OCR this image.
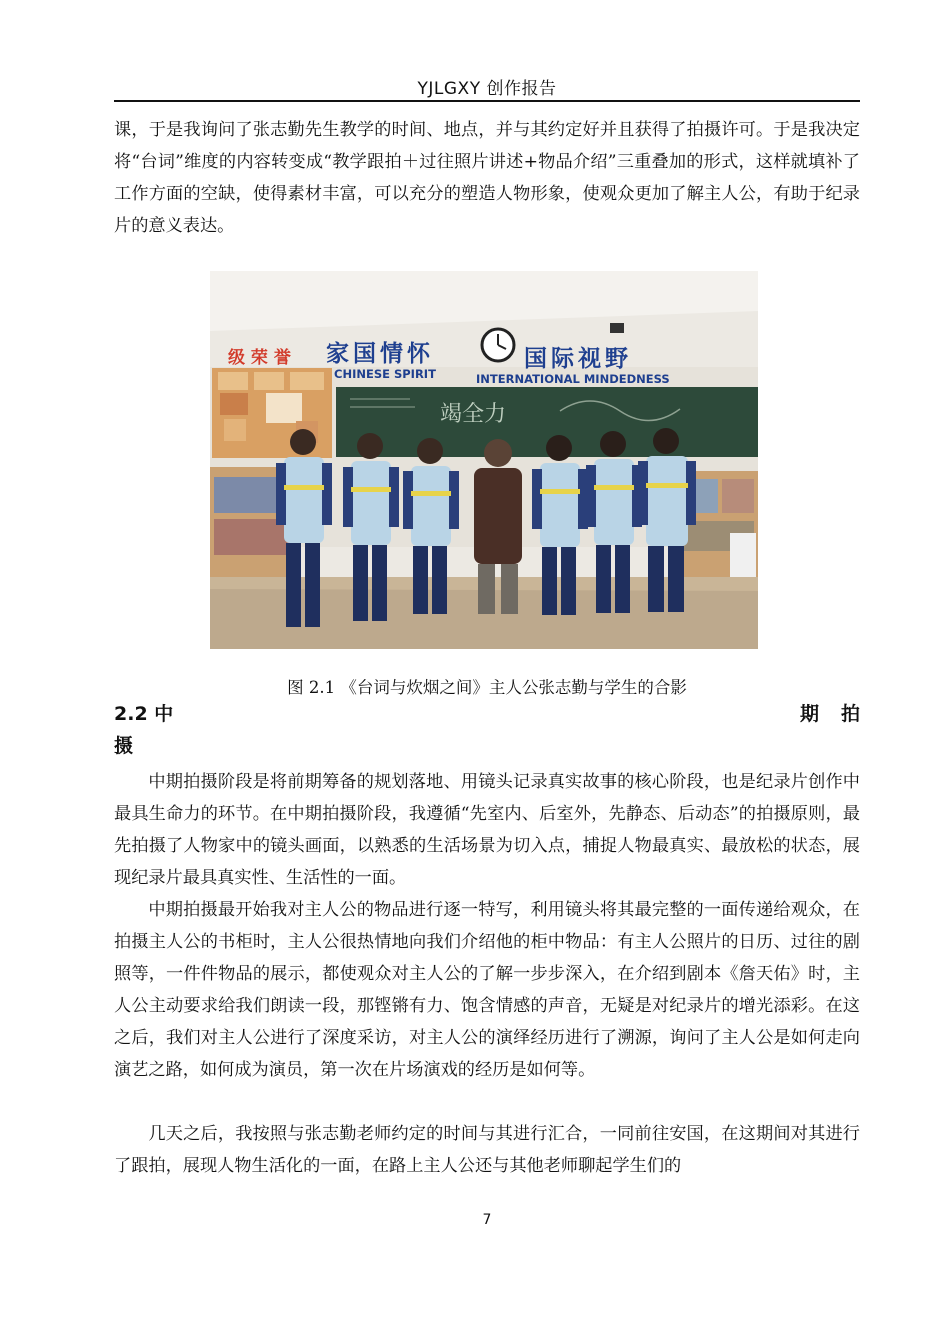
YJLGXY 创作报告

课，于是我询问了张志勤先生教学的时间、地点，并与其约定好并且获得了拍摄许可。于是我决定将“台词”维度的内容转变成“教学跟拍＋过往照片讲述+物品介绍”三重叠加的形式，这样就填补了工作方面的空缺，使得素材丰富，可以充分的塑造人物形象，使观众更加了解主人公，有助于纪录片的意义表达。

级 荣 誉 家国情怀	国际视野
CHINESE SPIRIT	INTERNATIONAL MINDEDNESS
竭全力
图 2.1 《台词与炊烟之间》主人公张志勤与学生的合影
2.2 中	期 拍
摄

中期拍摄阶段是将前期筹备的规划落地、用镜头记录真实故事的核心阶段，也是纪录片创作中最具生命力的环节。在中期拍摄阶段，我遵循“先室内、后室外，先静态、后动态”的拍摄原则，最先拍摄了人物家中的镜头画面，以熟悉的生活场景为切入点，捕捉人物最真实、最放松的状态，展现纪录片最具真实性、生活性的一面。

中期拍摄最开始我对主人公的物品进行逐一特写，利用镜头将其最完整的一面传递给观众，在拍摄主人公的书柜时，主人公很热情地向我们介绍他的柜中物品：有主人公照片的日历、过往的剧照等，一件件物品的展示，都使观众对主人公的了解一步步深入，在介绍到剧本《詹天佑》时，主人公主动要求给我们朗读一段，那铿锵有力、饱含情感的声音，无疑是对纪录片的增光添彩。在这之后，我们对主人公进行了深度采访，对主人公的演绎经历进行了溯源，询问了主人公是如何走向演艺之路，如何成为演员，第一次在片场演戏的经历是如何等。

几天之后，我按照与张志勤老师约定的时间与其进行汇合，一同前往安国，在这期间对其进行了跟拍，展现人物生活化的一面，在路上主人公还与其他老师聊起学生们的

7
